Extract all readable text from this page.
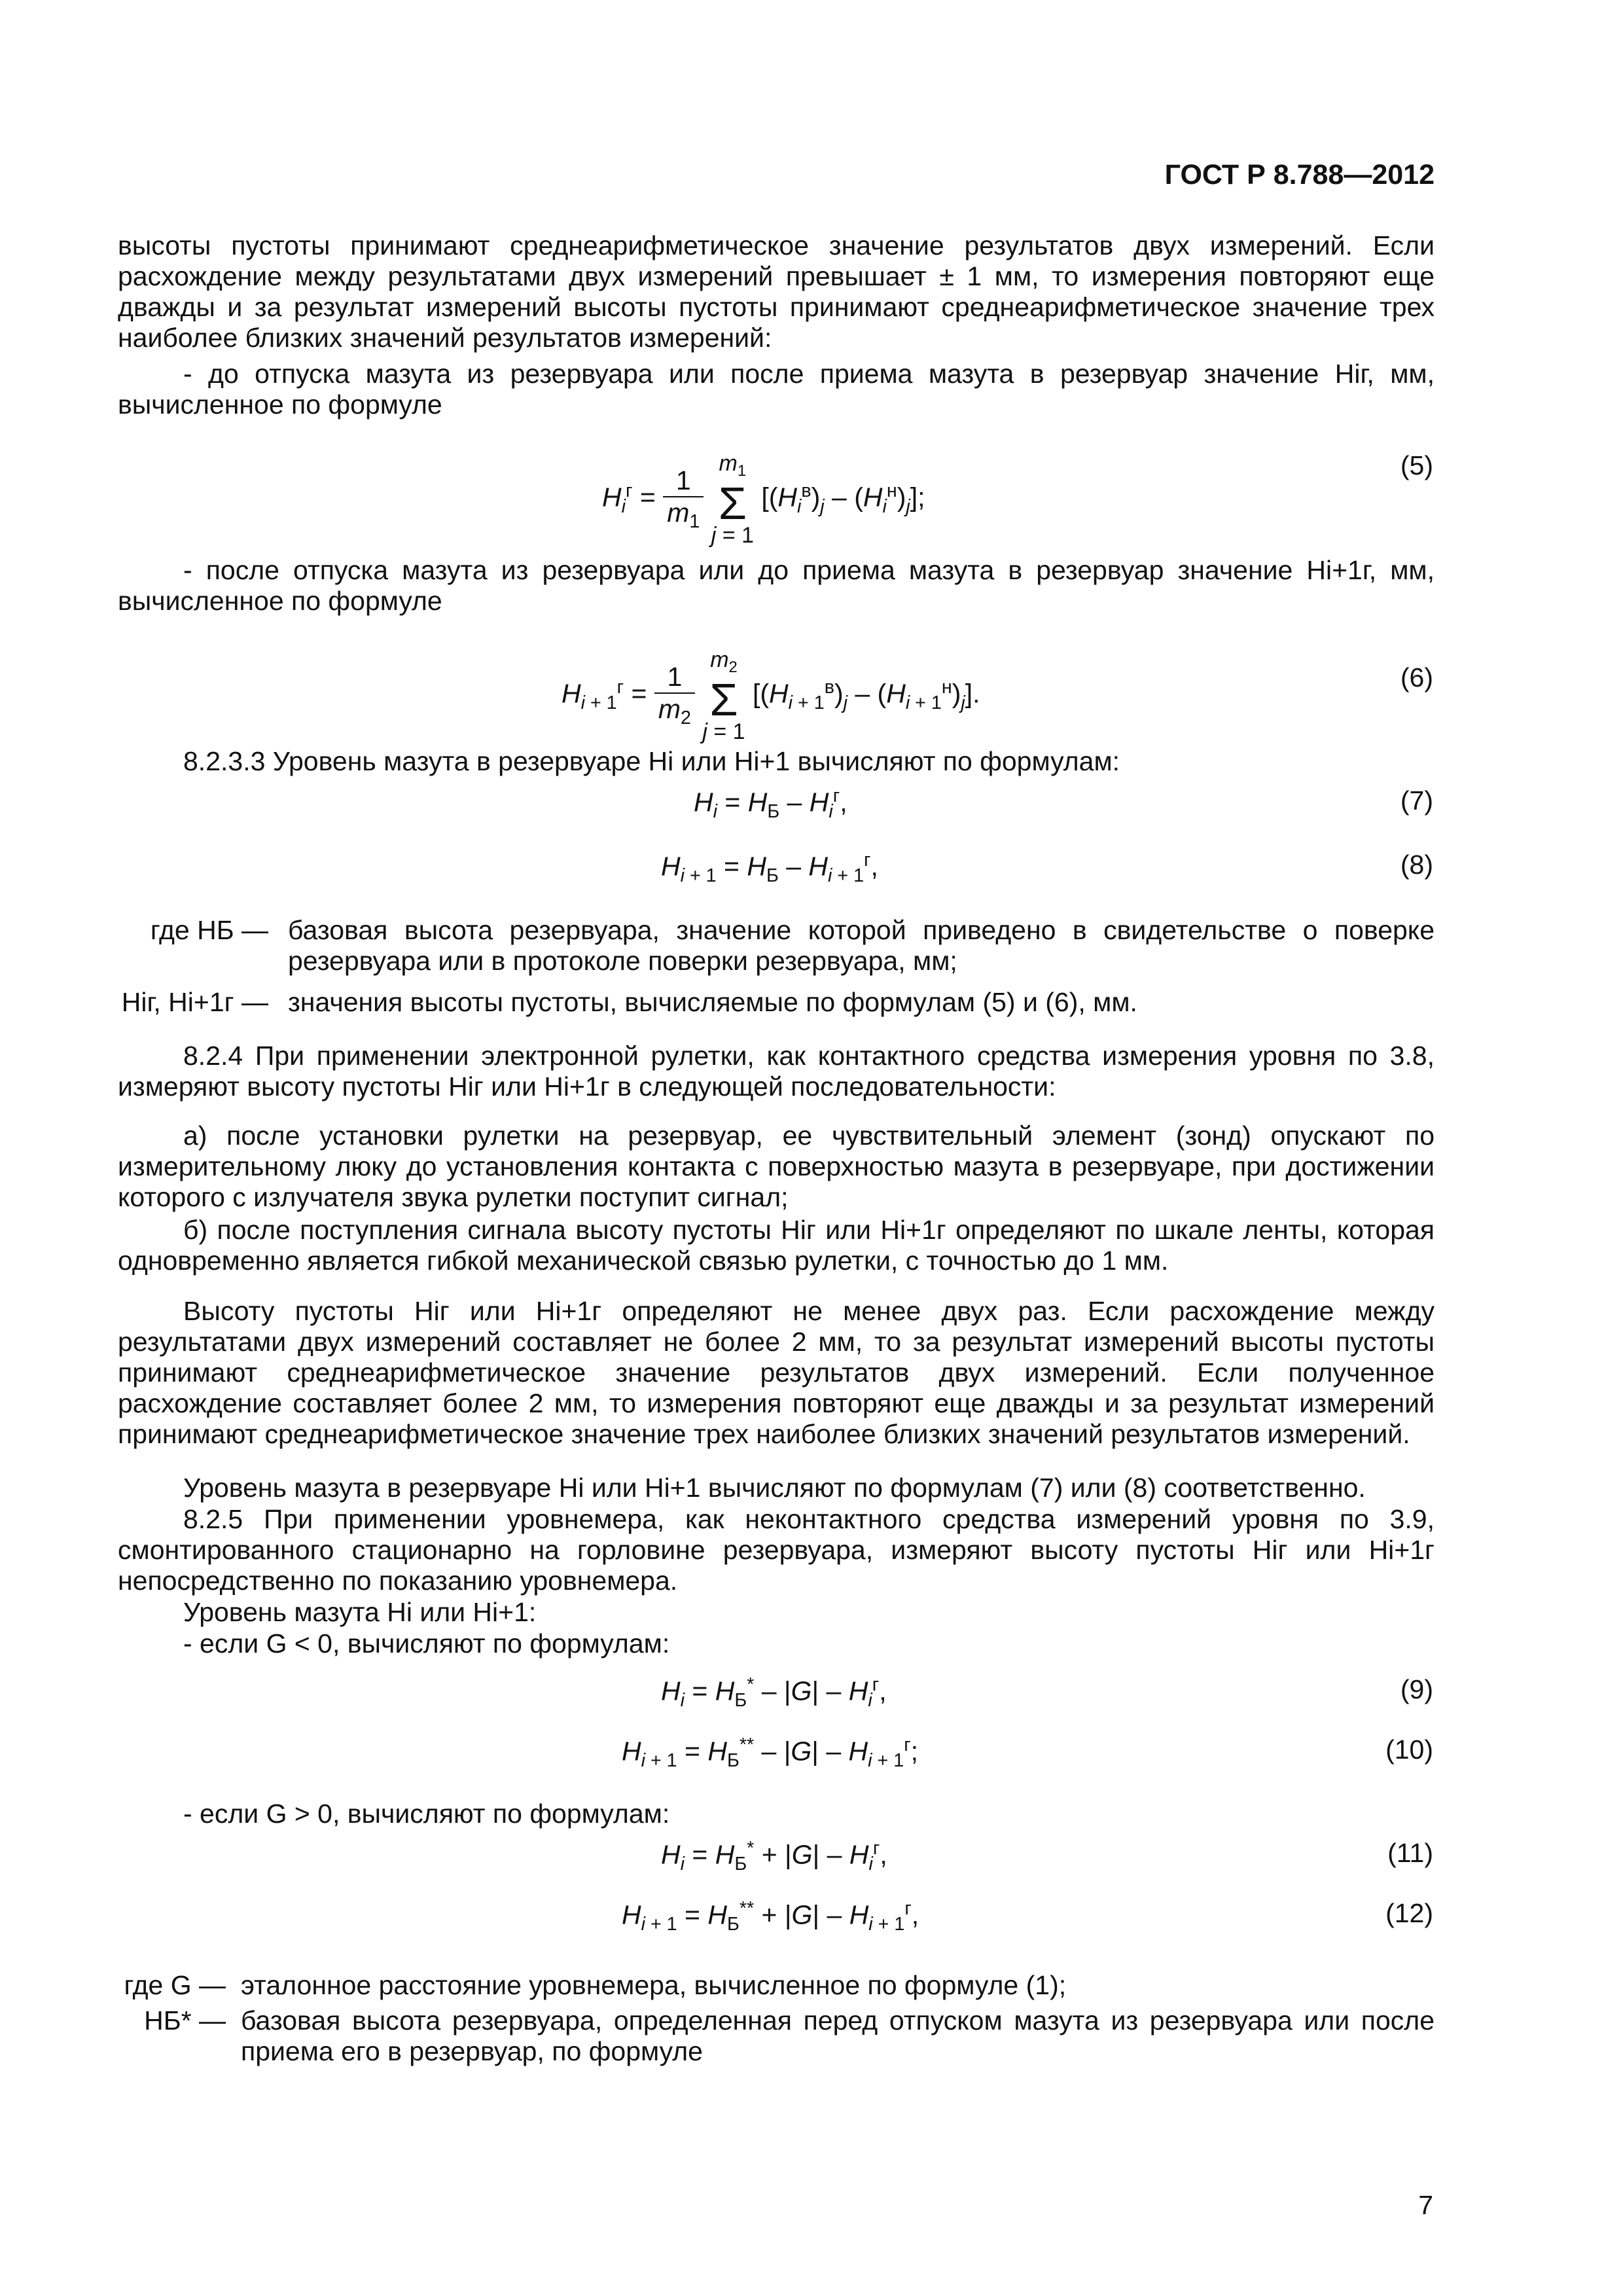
ГОСТ Р 8.788—2012
высоты пустоты принимают среднеарифметическое значение результатов двух измерений. Если расхождение между результатами двух измерений превышает ± 1 мм, то измерения повторяют еще дважды и за результат измерений высоты пустоты принимают среднеарифметическое значение трех наиболее близких значений результатов измерений:
- до отпуска мазута из резервуара или после приема мазута в резервуар значение Hiг, мм, вычисленное по формуле
$H_i^г = \frac{1}{m_1}$
$m_1$
Σ
j = 1 $[(H_i^в)_j - (H_i^н)_j]$;
(5)
- после отпуска мазута из резервуара или до приема мазута в резервуар значение Hi+1г, мм, вычисленное по формуле
$H_{i + 1}^г = \frac{1}{m_2}$
$m_2$
Σ
j = 1 $[(H_{i + 1}^в)_j - (H_{i + 1}^н)_j]$.
(6)
8.2.3.3 Уровень мазута в резервуаре Hi или Hi+1 вычисляют по формулам:
$H_i = H_Б - H_i^г$,	(7)
$H_{i + 1} = H_Б - H_{i + 1}^г$,	(8)
где HБ — базовая высота резервуара, значение которой приведено в свидетельстве о поверке резервуара или в протоколе поверки резервуара, мм;
Hiг, Hi+1г — значения высоты пустоты, вычисляемые по формулам (5) и (6), мм.
8.2.4 При применении электронной рулетки, как контактного средства измерения уровня по 3.8, измеряют высоту пустоты Hiг или Hi+1г в следующей последовательности:
а) после установки рулетки на резервуар, ее чувствительный элемент (зонд) опускают по измерительному люку до установления контакта с поверхностью мазута в резервуаре, при достижении которого с излучателя звука рулетки поступит сигнал;
б) после поступления сигнала высоту пустоты Hiг или Hi+1г определяют по шкале ленты, которая одновременно является гибкой механической связью рулетки, с точностью до 1 мм.
Высоту пустоты Hiг или Hi+1г определяют не менее двух раз. Если расхождение между результатами двух измерений составляет не более 2 мм, то за результат измерений высоты пустоты принимают среднеарифметическое значение результатов двух измерений. Если полученное расхождение составляет более 2 мм, то измерения повторяют еще дважды и за результат измерений принимают среднеарифметическое значение трех наиболее близких значений результатов измерений.
Уровень мазута в резервуаре Hi или Hi+1 вычисляют по формулам (7) или (8) соответственно.
8.2.5 При применении уровнемера, как неконтактного средства измерений уровня по 3.9, смонтированного стационарно на горловине резервуара, измеряют высоту пустоты Hiг или Hi+1г непосредственно по показанию уровнемера.
Уровень мазута Hi или Hi+1:
- если G < 0, вычисляют по формулам:
$H_i = H_Б^* - |G| - H_i^г$,	(9)
$H_{i + 1} = H_Б^{**} - |G| - H_{i + 1}^г$;	(10)
- если G > 0, вычисляют по формулам:
$H_i = H_Б^* + |G| - H_i^г$,	(11)
$H_{i + 1} = H_Б^{**} + |G| - H_{i + 1}^г$,	(12)
где G — эталонное расстояние уровнемера, вычисленное по формуле (1);
HБ* — базовая высота резервуара, определенная перед отпуском мазута из резервуара или после приема его в резервуар, по формуле
7
